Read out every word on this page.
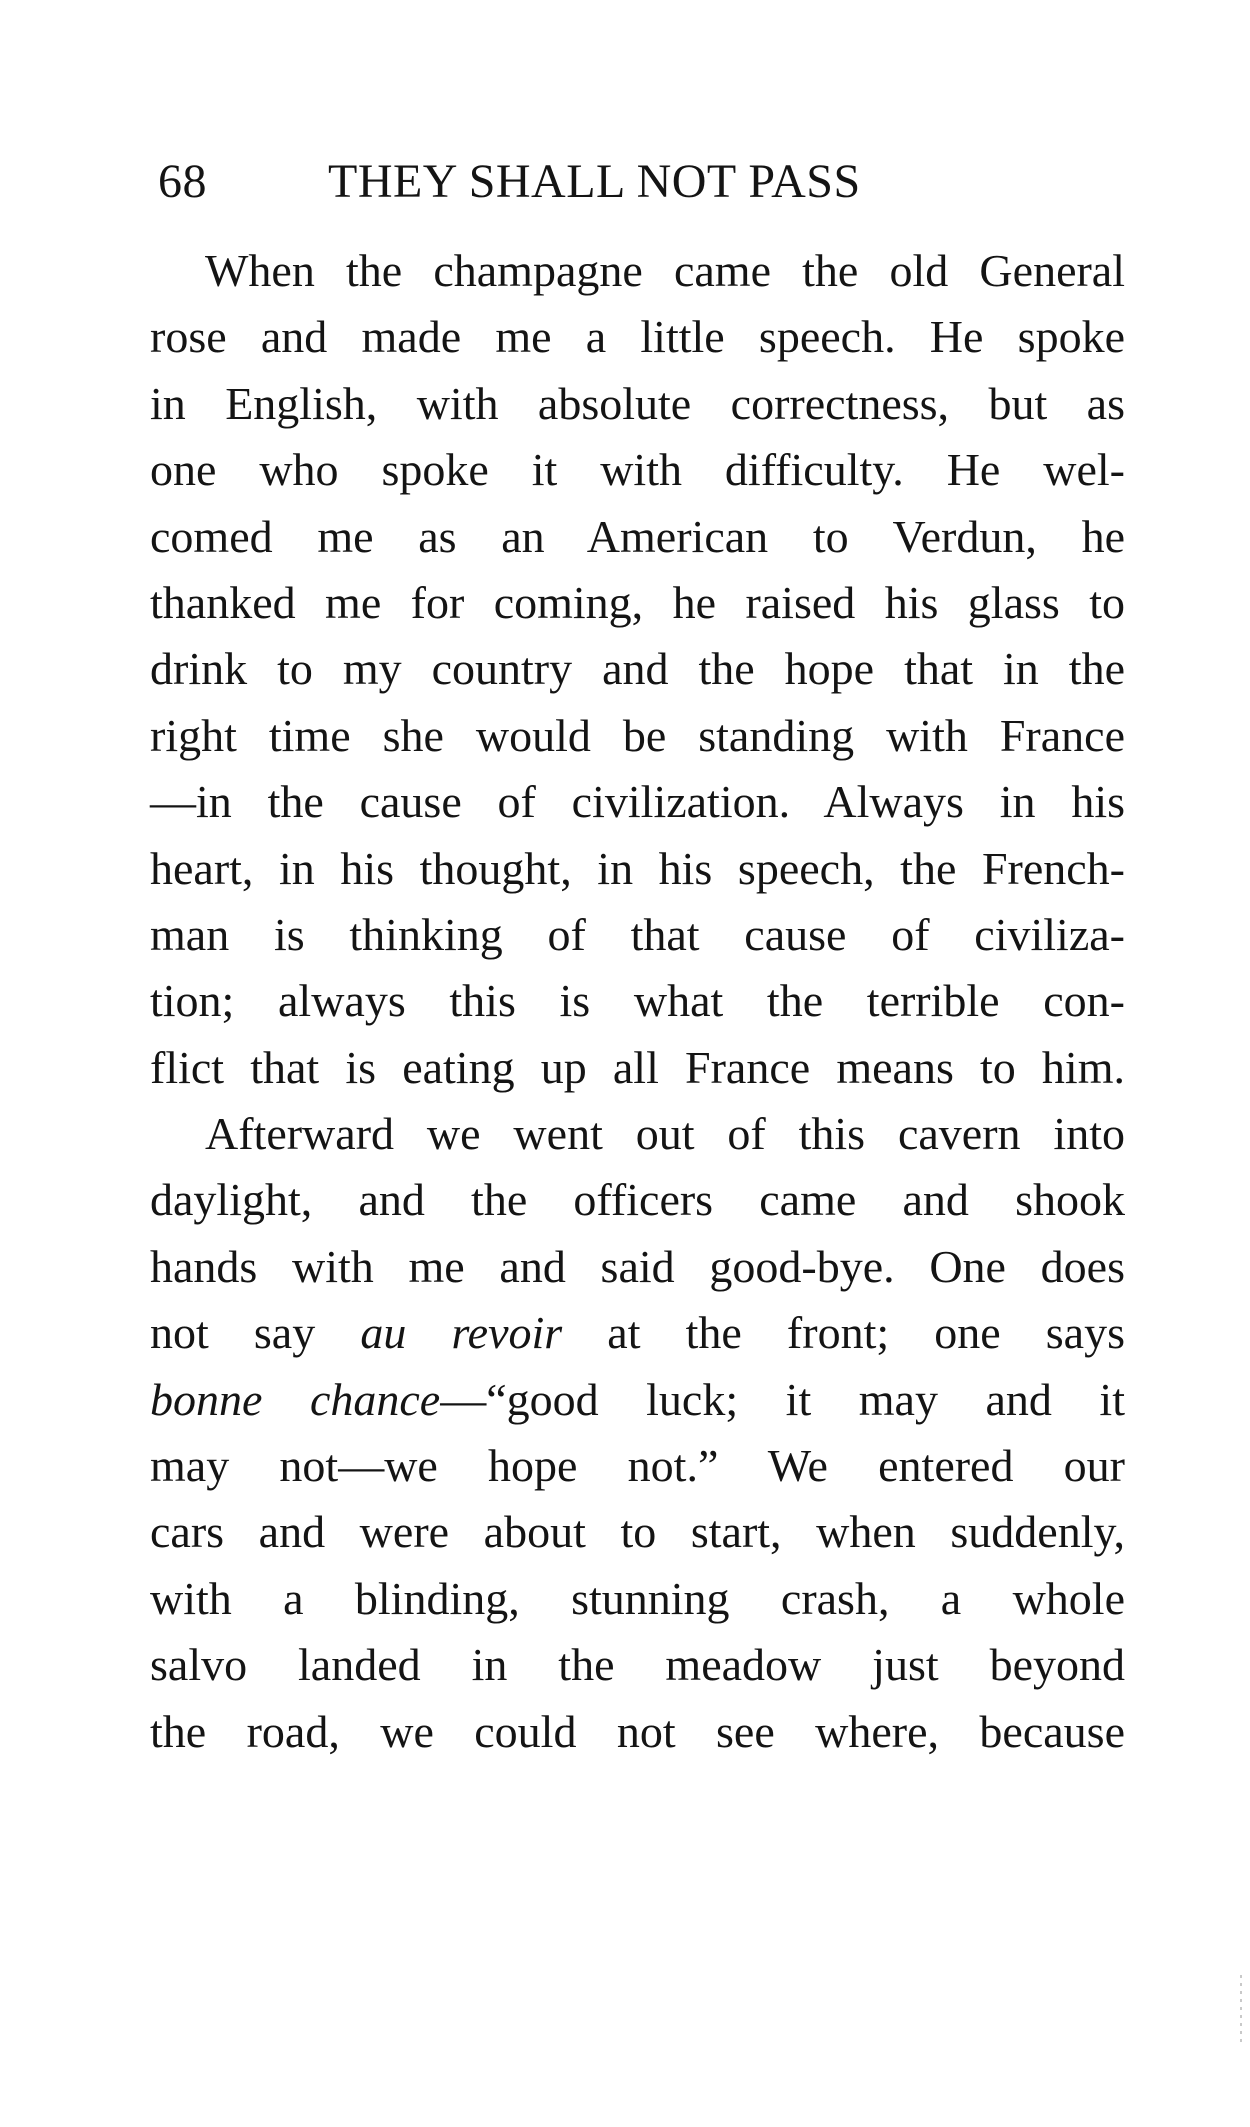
68	THEY SHALL NOT PASS
When the champagne came the old General
rose and made me a little speech. He spoke
in English, with absolute correctness, but as
one who spoke it with difficulty. He wel-
comed me as an American to Verdun, he
thanked me for coming, he raised his glass to
drink to my country and the hope that in the
right time she would be standing with France
—in the cause of civilization. Always in his
heart, in his thought, in his speech, the French-
man is thinking of that cause of civiliza-
tion; always this is what the terrible con-
flict that is eating up all France means to him.
Afterward we went out of this cavern into
daylight, and the officers came and shook
hands with me and said good-bye. One does
not say au revoir at the front; one says
bonne chance—“good luck; it may and it
may not—we hope not.” We entered our
cars and were about to start, when suddenly,
with a blinding, stunning crash, a whole
salvo landed in the meadow just beyond
the road, we could not see where, because
